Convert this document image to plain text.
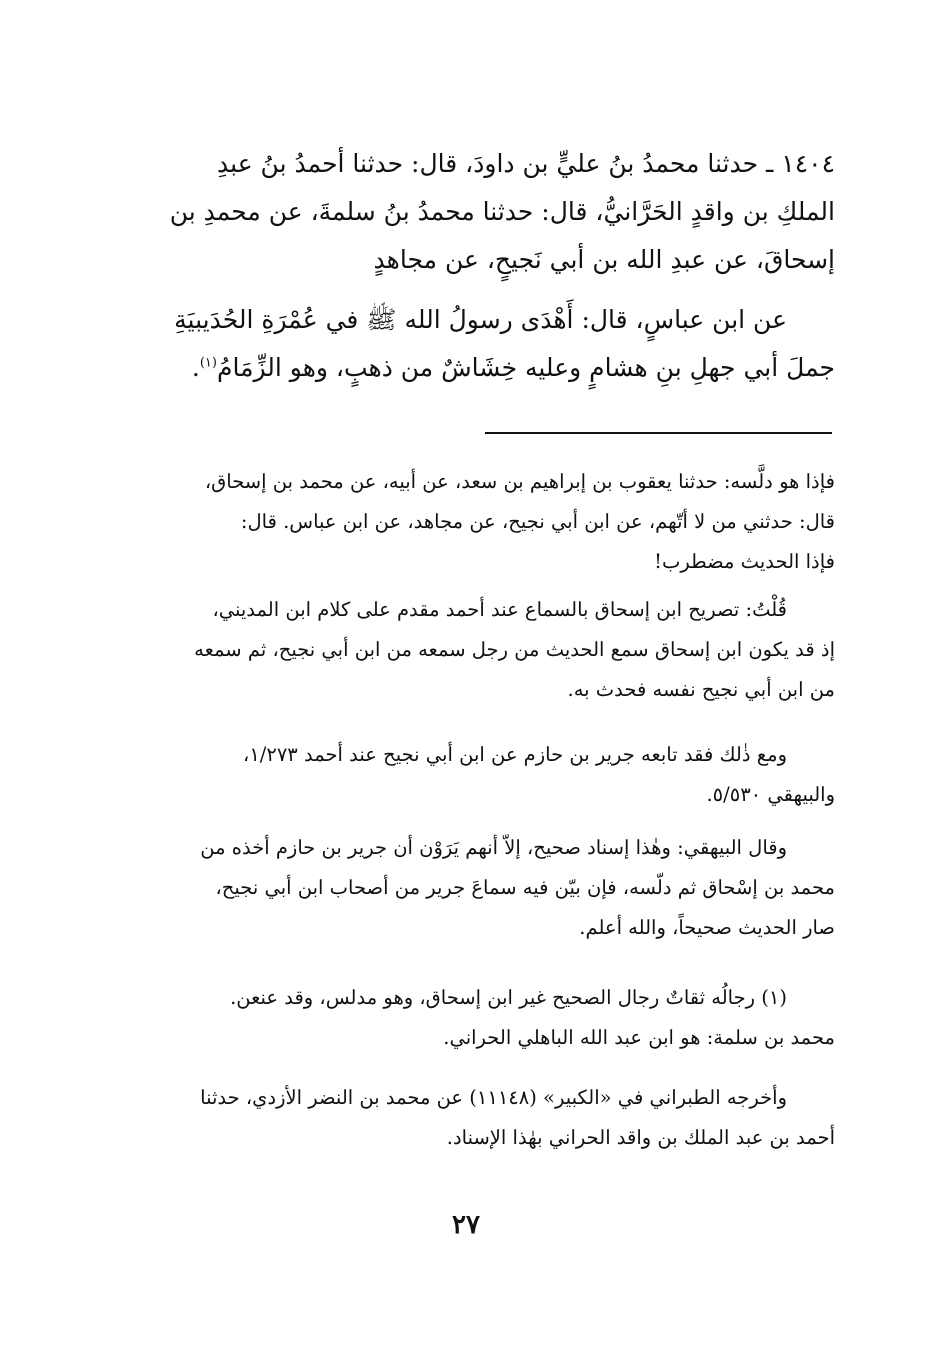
١٤٠٤ ـ حدثنا محمدُ بنُ عليٍّ بن داودَ، قال: حدثنا أحمدُ بنُ عبدِ
الملكِ بن واقدٍ الحَرَّانيُّ، قال: حدثنا محمدُ بنُ سلمةَ، عن محمدِ بن
إسحاقَ، عن عبدِ الله بن أبي نَجيحٍ، عن مجاهدٍ
عن ابن عباسٍ، قال: أَهْدَى رسولُ الله ﷺ في عُمْرَةِ الحُدَيبيَةِ
جملَ أبي جهلِ بنِ هشامٍ وعليه خِشَاشٌ من ذهبٍ، وهو الزِّمَامُ$^{(١)}$.
فإذا هو دلَّسه: حدثنا يعقوب بن إبراهيم بن سعد، عن أبيه، عن محمد بن إسحاق،
قال: حدثني من لا أتّهم، عن ابن أبي نجيح، عن مجاهد، عن ابن عباس. قال:
فإذا الحديث مضطرب!
قُلْتُ: تصريح ابن إسحاق بالسماع عند أحمد مقدم على كلام ابن المديني،
إذ قد يكون ابن إسحاق سمع الحديث من رجل سمعه من ابن أبي نجيح، ثم سمعه
من ابن أبي نجيح نفسه فحدث به.
ومع ذٰلك فقد تابعه جرير بن حازم عن ابن أبي نجيح عند أحمد ١/٢٧٣،
والبيهقي ٥/٥٣٠.
وقال البيهقي: وهٰذا إسناد صحيح، إلاّ أنهم يَرَوْن أن جرير بن حازم أخذه من
محمد بن إسْحاق ثم دلّسه، فإن بيّن فيه سماعَ جرير من أصحاب ابن أبي نجيح،
صار الحديث صحيحاً، والله أعلم.
(١) رجالُه ثقاتٌ رجال الصحيح غير ابن إسحاق، وهو مدلس، وقد عنعن.
محمد بن سلمة: هو ابن عبد الله الباهلي الحراني.
وأخرجه الطبراني في «الكبير» (١١١٤٨) عن محمد بن النضر الأزدي، حدثنا
أحمد بن عبد الملك بن واقد الحراني بهٰذا الإسناد.
٢٧
